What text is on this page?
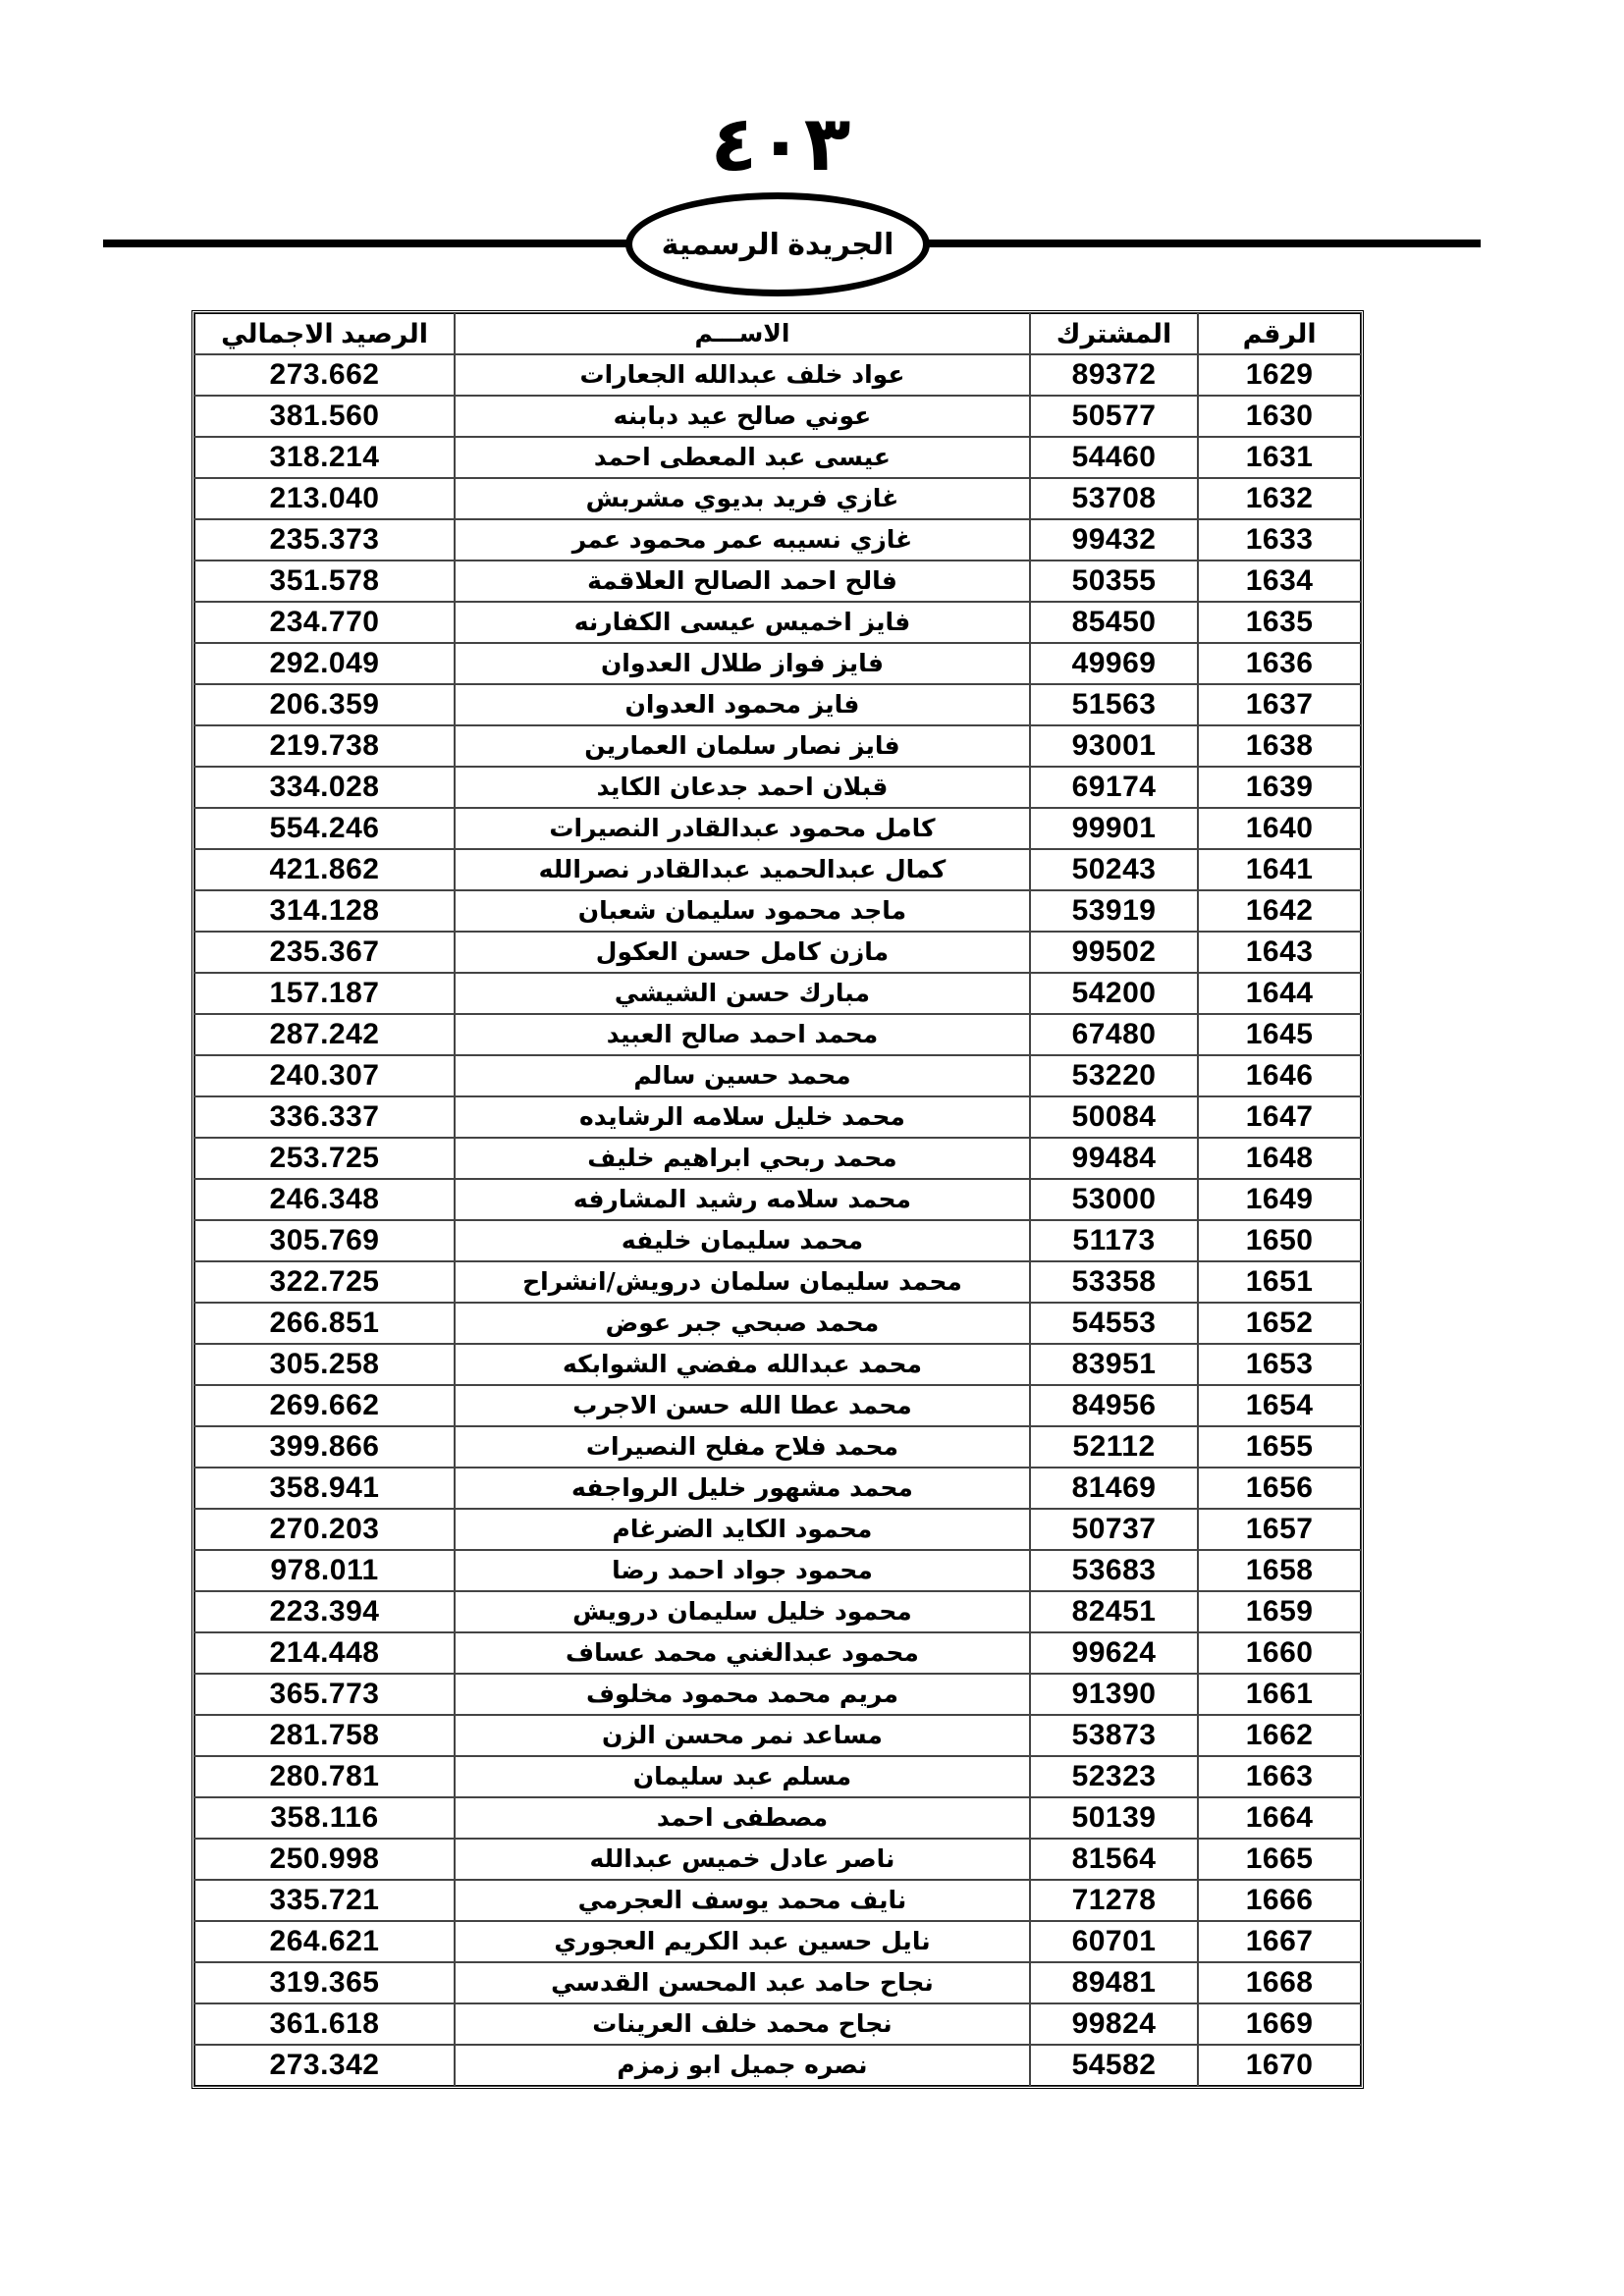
٤٠٣
الجريدة الرسمية
الرقم	المشترك	الاســـم	الرصيد الاجمالي
1629	89372	عواد خلف عبدالله الجعارات	273.662
1630	50577	عوني صالح عيد دبابنه	381.560
1631	54460	عيسى عبد المعطى احمد	318.214
1632	53708	غازي فريد بديوي مشربش	213.040
1633	99432	غازي نسيبه عمر محمود عمر	235.373
1634	50355	فالح احمد الصالح العلاقمة	351.578
1635	85450	فايز اخميس عيسى الكفارنه	234.770
1636	49969	فايز فواز طلال العدوان	292.049
1637	51563	فايز محمود العدوان	206.359
1638	93001	فايز نصار سلمان العمارين	219.738
1639	69174	قبلان احمد جدعان الكايد	334.028
1640	99901	كامل محمود عبدالقادر النصيرات	554.246
1641	50243	كمال عبدالحميد عبدالقادر نصرالله	421.862
1642	53919	ماجد محمود سليمان شعبان	314.128
1643	99502	مازن كامل حسن العكول	235.367
1644	54200	مبارك حسن الشيشي	157.187
1645	67480	محمد احمد صالح العبيد	287.242
1646	53220	محمد حسين سالم	240.307
1647	50084	محمد خليل سلامه الرشايده	336.337
1648	99484	محمد ربحي ابراهيم خليف	253.725
1649	53000	محمد سلامه رشيد المشارفه	246.348
1650	51173	محمد سليمان خليفه	305.769
1651	53358	محمد سليمان سلمان درويش/انشراح	322.725
1652	54553	محمد صبحي جبر عوض	266.851
1653	83951	محمد عبدالله مفضي الشوابكه	305.258
1654	84956	محمد عطا الله حسن الاجرب	269.662
1655	52112	محمد فلاح مفلح النصيرات	399.866
1656	81469	محمد مشهور خليل الرواجفه	358.941
1657	50737	محمود الكايد الضرغام	270.203
1658	53683	محمود جواد احمد رضا	978.011
1659	82451	محمود خليل سليمان درويش	223.394
1660	99624	محمود عبدالغني محمد عساف	214.448
1661	91390	مريم محمد محمود مخلوف	365.773
1662	53873	مساعد نمر محسن الزن	281.758
1663	52323	مسلم عبد سليمان	280.781
1664	50139	مصطفى احمد	358.116
1665	81564	ناصر عادل خميس عبدالله	250.998
1666	71278	نايف محمد يوسف العجرمي	335.721
1667	60701	نايل حسين عبد الكريم العجوري	264.621
1668	89481	نجاح حامد عبد المحسن القدسي	319.365
1669	99824	نجاح محمد خلف العرينات	361.618
1670	54582	نصره جميل ابو زمزم	273.342
